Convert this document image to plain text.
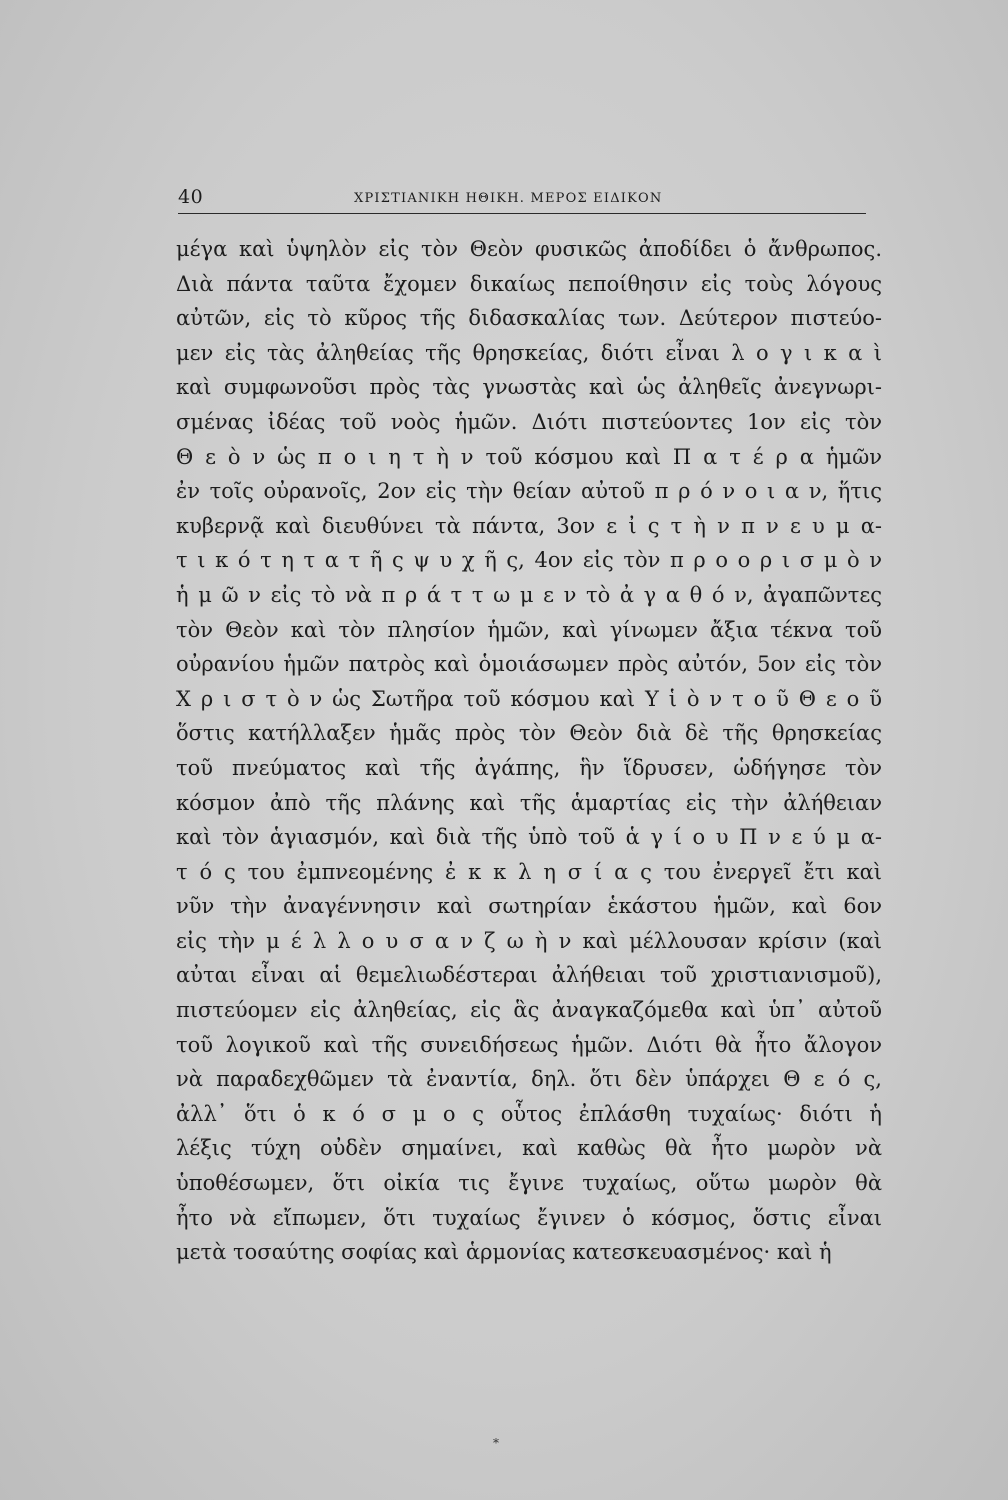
40	ΧΡΙΣΤΙΑΝΙΚΗ ΗΘΙΚΗ. ΜΕΡΟΣ ΕΙΔΙΚΟΝ
μέγα καὶ ὑψηλὸν εἰς τὸν Θεὸν φυσικῶς ἀποδίδει ὁ ἄνθρωπος.
Διὰ πάντα ταῦτα ἔχομεν δικαίως πεποίθησιν εἰς τοὺς λόγους
αὐτῶν, εἰς τὸ κῦρος τῆς διδασκαλίας των. Δεύτερον πιστεύο-
μεν εἰς τὰς ἀληθείας τῆς θρησκείας, διότι εἶναι λ ο γ ι κ α ὶ
καὶ συμφωνοῦσι πρὸς τὰς γνωστὰς καὶ ὡς ἀληθεῖς ἀνεγνωρι-
σμένας ἰδέας τοῦ νοὸς ἡμῶν. Διότι πιστεύοντες 1ον εἰς τὸν
Θ ε ὸ ν ὡς π ο ι η τ ὴ ν τοῦ κόσμου καὶ Π α τ έ ρ α ἡμῶν
ἐν τοῖς οὐρανοῖς, 2ον εἰς τὴν θείαν αὐτοῦ π ρ ό ν ο ι α ν, ἥτις
κυβερνᾷ καὶ διευθύνει τὰ πάντα, 3ον ε ἰ ς τ ὴ ν π ν ε υ μ α-
τ ι κ ό τ η τ α τ ῆ ς ψ υ χ ῆ ς, 4ον εἰς τὸν π ρ ο ο ρ ι σ μ ὸ ν
ἡ μ ῶ ν εἰς τὸ νὰ π ρ ά τ τ ω μ ε ν τὸ ἀ γ α θ ό ν, ἀγαπῶντες
τὸν Θεὸν καὶ τὸν πλησίον ἡμῶν, καὶ γίνωμεν ἄξια τέκνα τοῦ
οὐρανίου ἡμῶν πατρὸς καὶ ὁμοιάσωμεν πρὸς αὐτόν, 5ον εἰς τὸν
Χ ρ ι σ τ ὸ ν ὡς Σωτῆρα τοῦ κόσμου καὶ Υ ἱ ὸ ν τ ο ῦ Θ ε ο ῦ
ὅστις κατήλλαξεν ἡμᾶς πρὸς τὸν Θεὸν διὰ δὲ τῆς θρησκείας
τοῦ πνεύματος καὶ τῆς ἀγάπης, ἣν ἵδρυσεν, ὡδήγησε τὸν
κόσμον ἀπὸ τῆς πλάνης καὶ τῆς ἁμαρτίας εἰς τὴν ἀλήθειαν
καὶ τὸν ἁγιασμόν, καὶ διὰ τῆς ὑπὸ τοῦ ἁ γ ί ο υ Π ν ε ύ μ α-
τ ό ς του ἐμπνεομένης ἐ κ κ λ η σ ί α ς του ἐνεργεῖ ἔτι καὶ
νῦν τὴν ἀναγέννησιν καὶ σωτηρίαν ἑκάστου ἡμῶν, καὶ 6ον
εἰς τὴν μ έ λ λ ο υ σ α ν ζ ω ὴ ν καὶ μέλλουσαν κρίσιν (καὶ
αὐται εἶναι αἱ θεμελιωδέστεραι ἀλήθειαι τοῦ χριστιανισμοῦ),
πιστεύομεν εἰς ἀληθείας, εἰς ἃς ἀναγκαζόμεθα καὶ ὑπ᾽ αὐτοῦ
τοῦ λογικοῦ καὶ τῆς συνειδήσεως ἡμῶν. Διότι θὰ ἦτο ἄλογον
νὰ παραδεχθῶμεν τὰ ἐναντία, δηλ. ὅτι δὲν ὑπάρχει Θ ε ό ς,
ἀλλ᾽ ὅτι ὁ κ ό σ μ ο ς οὗτος ἐπλάσθη τυχαίως· διότι ἡ
λέξις τύχη οὐδὲν σημαίνει, καὶ καθὼς θὰ ἦτο μωρὸν νὰ
ὑποθέσωμεν, ὅτι οἰκία τις ἔγινε τυχαίως, οὕτω μωρὸν θὰ
ἦτο νὰ εἴπωμεν, ὅτι τυχαίως ἔγινεν ὁ κόσμος, ὅστις εἶναι
μετὰ τοσαύτης σοφίας καὶ ἁρμονίας κατεσκευασμένος· καὶ ἡ
*
